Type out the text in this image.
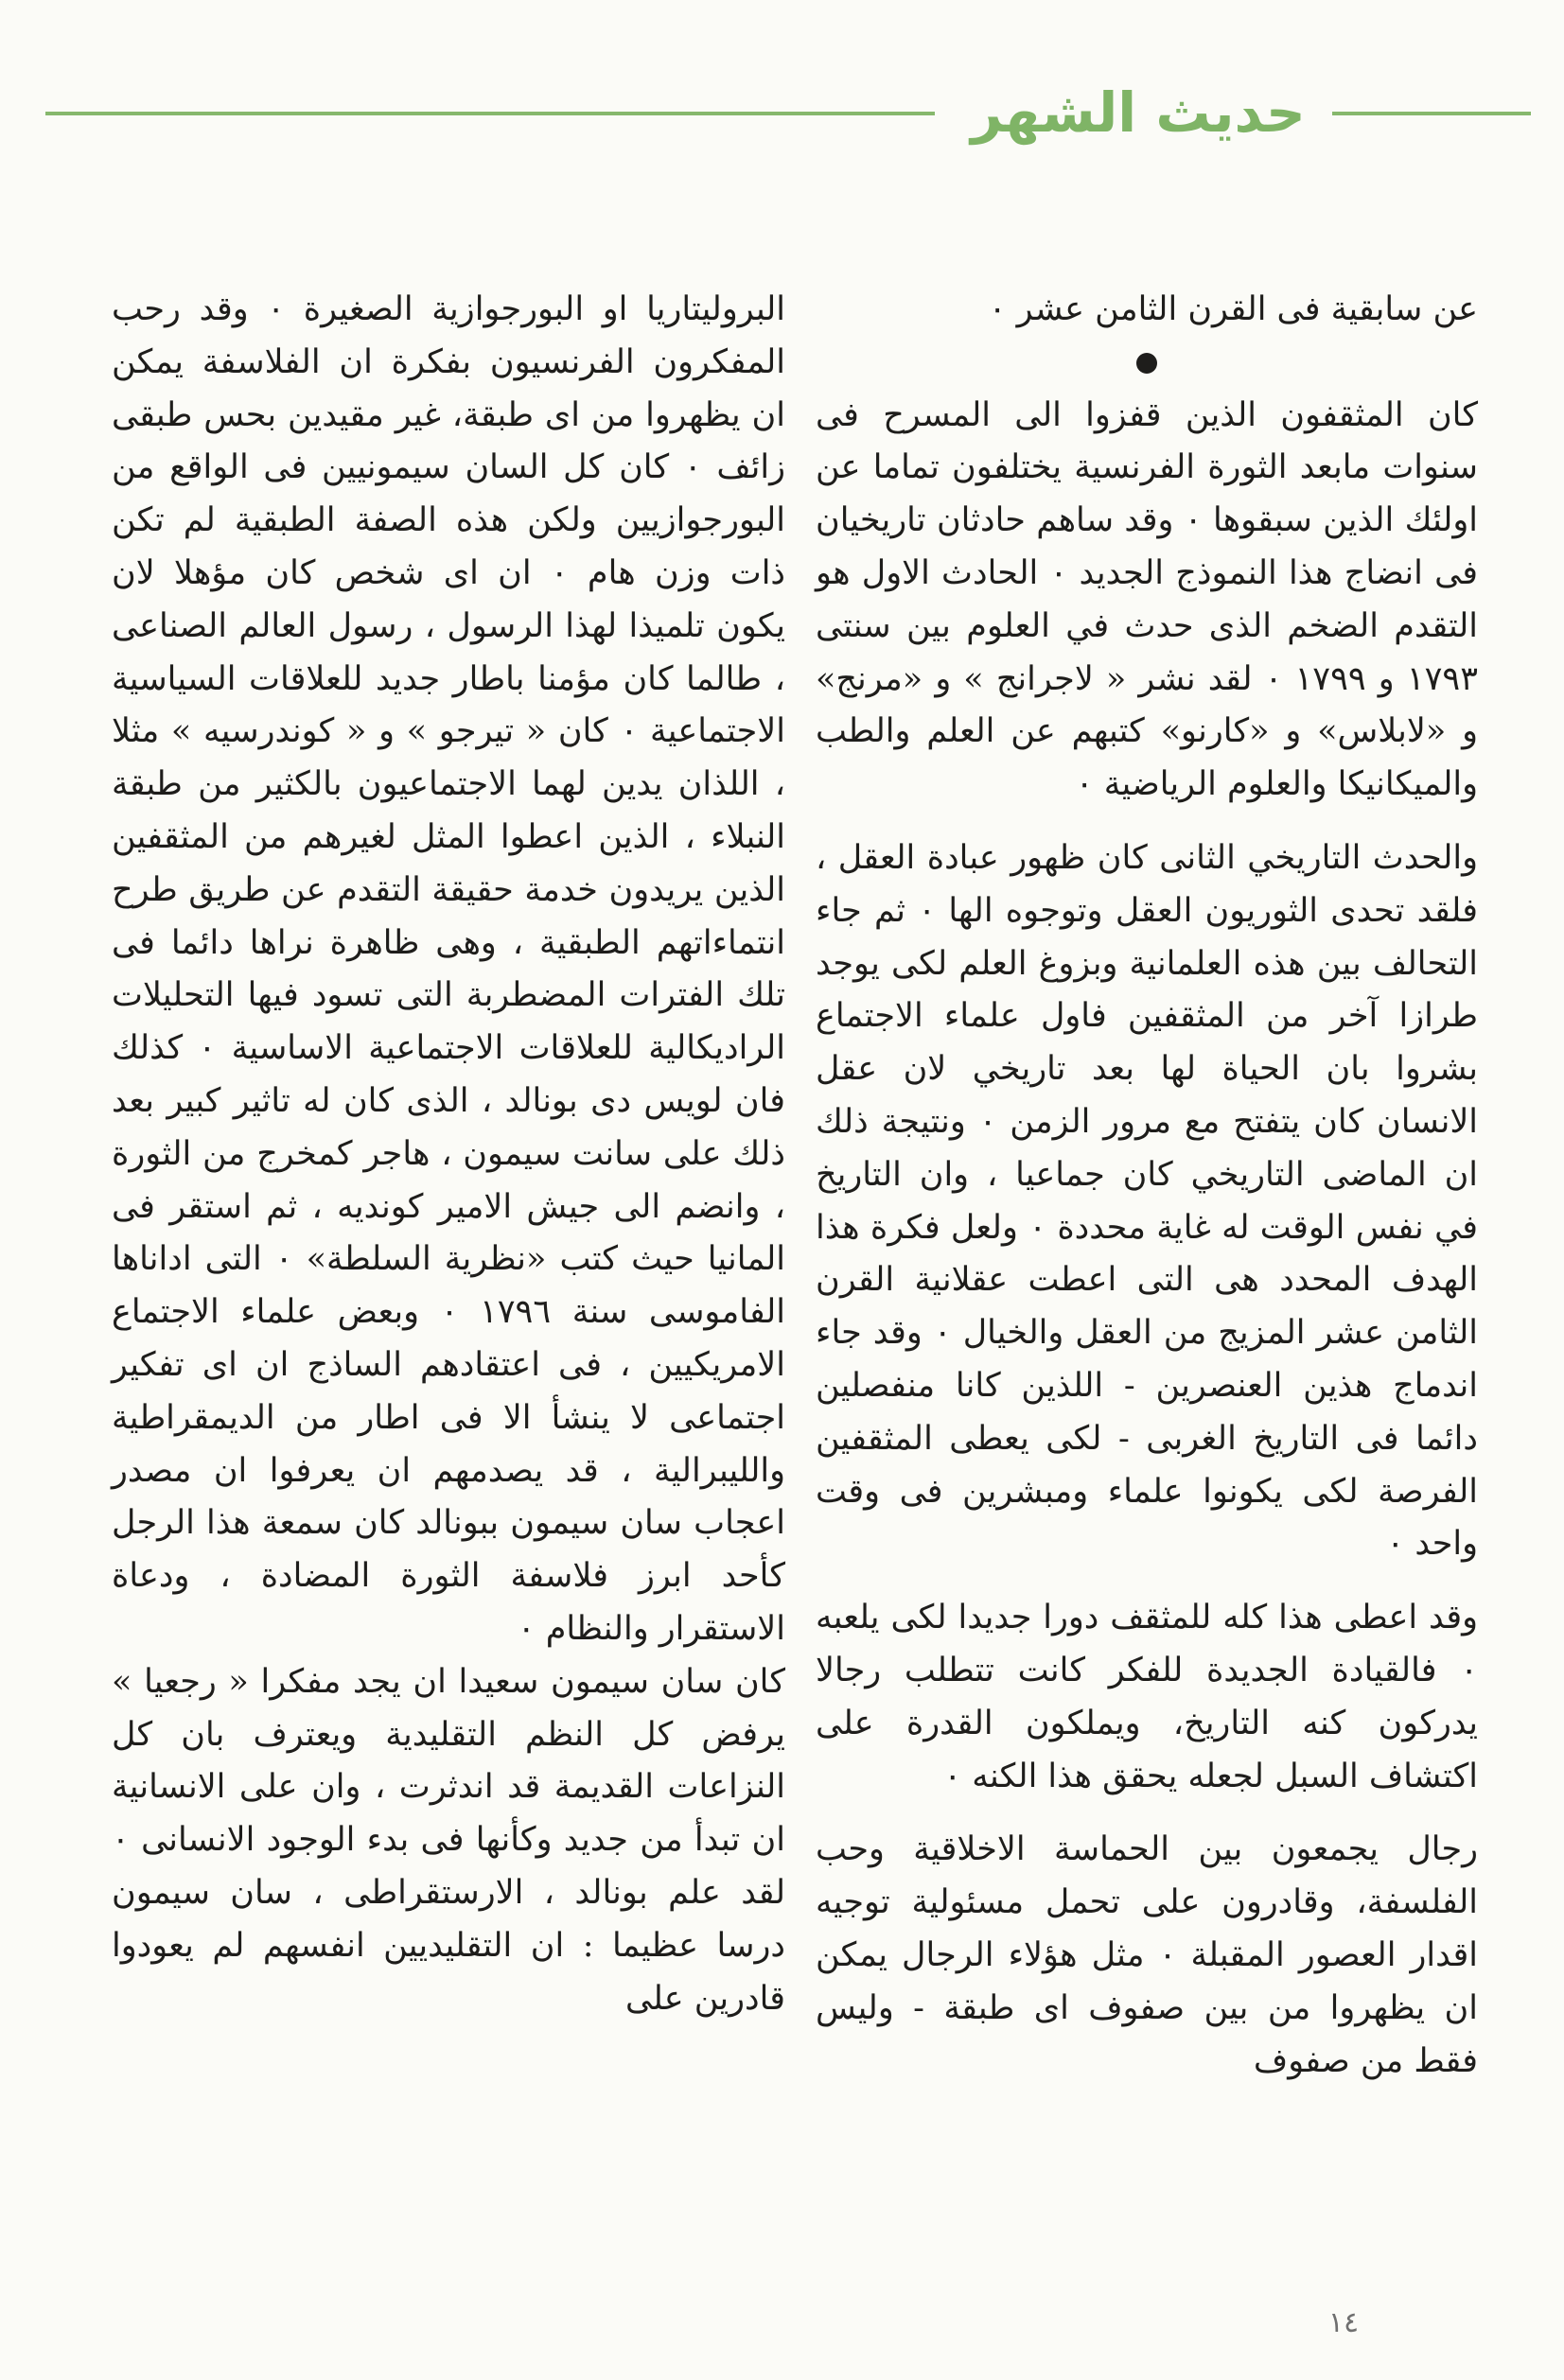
حديث الشهر

عن سابقية فى القرن الثامن عشر ٠

كان المثقفون الذين قفزوا الى المسرح فى سنوات مابعد الثورة الفرنسية يختلفون تماما عن اولئك الذين سبقوها ٠ وقد ساهم حادثان تاريخيان فى انضاج هذا النموذج الجديد ٠ الحادث الاول هو التقدم الضخم الذى حدث في العلوم بين سنتى ١٧٩٣ و ١٧٩٩ ٠ لقد نشر « لاجرانج » و «مرنج» و «لابلاس» و «كارنو» كتبهم عن العلم والطب والميكانيكا والعلوم الرياضية ٠

والحدث التاريخي الثانى كان ظهور عبادة العقل ، فلقد تحدى الثوريون العقل وتوجوه الها ٠ ثم جاء التحالف بين هذه العلمانية وبزوغ العلم لكى يوجد طرازا آخر من المثقفين فاول علماء الاجتماع بشروا بان الحياة لها بعد تاريخي لان عقل الانسان كان يتفتح مع مرور الزمن ٠ ونتيجة ذلك ان الماضى التاريخي كان جماعيا ، وان التاريخ في نفس الوقت له غاية محددة ٠ ولعل فكرة هذا الهدف المحدد هى التى اعطت عقلانية القرن الثامن عشر المزيج من العقل والخيال ٠ وقد جاء اندماج هذين العنصرين - اللذين كانا منفصلين دائما فى التاريخ الغربى - لكى يعطى المثقفين الفرصة لكى يكونوا علماء ومبشرين فى وقت واحد ٠

وقد اعطى هذا كله للمثقف دورا جديدا لكى يلعبه ٠ فالقيادة الجديدة للفكر كانت تتطلب رجالا يدركون كنه التاريخ، ويملكون القدرة على اكتشاف السبل لجعله يحقق هذا الكنه ٠

رجال يجمعون بين الحماسة الاخلاقية وحب الفلسفة، وقادرون على تحمل مسئولية توجيه اقدار العصور المقبلة ٠ مثل هؤلاء الرجال يمكن ان يظهروا من بين صفوف اى طبقة - وليس فقط من صفوف

البروليتاريا او البورجوازية الصغيرة ٠ وقد رحب المفكرون الفرنسيون بفكرة ان الفلاسفة يمكن ان يظهروا من اى طبقة، غير مقيدين بحس طبقى زائف ٠ كان كل السان سيمونيين فى الواقع من البورجوازيين ولكن هذه الصفة الطبقية لم تكن ذات وزن هام ٠ ان اى شخص كان مؤهلا لان يكون تلميذا لهذا الرسول ، رسول العالم الصناعى ، طالما كان مؤمنا باطار جديد للعلاقات السياسية الاجتماعية ٠ كان « تيرجو » و « كوندرسيه » مثلا ، اللذان يدين لهما الاجتماعيون بالكثير من طبقة النبلاء ، الذين اعطوا المثل لغيرهم من المثقفين الذين يريدون خدمة حقيقة التقدم عن طريق طرح انتماءاتهم الطبقية ، وهى ظاهرة نراها دائما فى تلك الفترات المضطربة التى تسود فيها التحليلات الراديكالية للعلاقات الاجتماعية الاساسية ٠ كذلك فان لويس دى بونالد ، الذى كان له تاثير كبير بعد ذلك على سانت سيمون ، هاجر كمخرج من الثورة ، وانضم الى جيش الامير كونديه ، ثم استقر فى المانيا حيث كتب «نظرية السلطة» ٠ التى اداناها الفاموسى سنة ١٧٩٦ ٠ وبعض علماء الاجتماع الامريكيين ، فى اعتقادهم الساذج ان اى تفكير اجتماعى لا ينشأ الا فى اطار من الديمقراطية والليبرالية ، قد يصدمهم ان يعرفوا ان مصدر اعجاب سان سيمون ببونالد كان سمعة هذا الرجل كأحد ابرز فلاسفة الثورة المضادة ، ودعاة الاستقرار والنظام ٠

كان سان سيمون سعيدا ان يجد مفكرا « رجعيا » يرفض كل النظم التقليدية ويعترف بان كل النزاعات القديمة قد اندثرت ، وان على الانسانية ان تبدأ من جديد وكأنها فى بدء الوجود الانسانى ٠ لقد علم بونالد ، الارستقراطى ، سان سيمون درسا عظيما : ان التقليديين انفسهم لم يعودوا قادرين على

١٤
